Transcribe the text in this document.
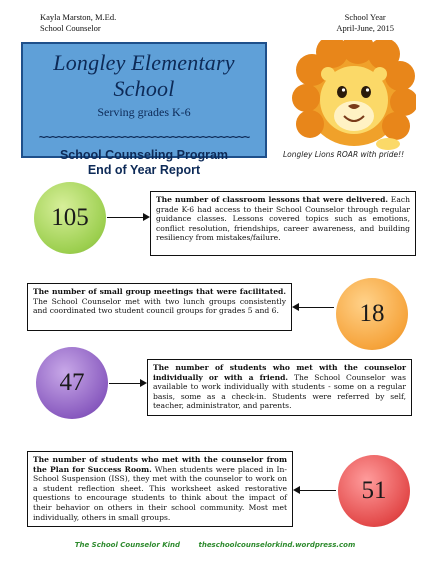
Kayla Marston, M.Ed.
School Counselor
School Year
April-June, 2015
Longley Elementary School
Serving grades K-6
~~~~~~~~~~~~~~~~~~~~~~~~~~~~~~~~~~~
School Counseling Program
End of Year Report
Longley Lions ROAR with pride!!
105
The number of classroom lessons that were delivered. Each grade K-6 had access to their School Counselor through regular guidance classes. Lessons covered topics such as emotions, conflict resolution, friendships, career awareness, and building resiliency from mistakes/failure.
The number of small group meetings that were facilitated. The School Counselor met with two lunch groups consistently and coordinated two student council groups for grades 5 and 6.	18
47
The number of students who met with the counselor individually or with a friend. The School Counselor was available to work individually with students - some on a regular basis, some as a check-in. Students were referred by self, teacher, administrator, and parents.
The number of students who met with the counselor from the Plan for Success Room. When students were placed in In-School Suspension (ISS), they met with the counselor to work on a student reflection sheet. This worksheet asked restorative questions to encourage students to think about the impact of their behavior on others in their school community. Most met individually, others in small groups.
51
The School Counselor Kind	theschoolcounselorkind.wordpress.com
